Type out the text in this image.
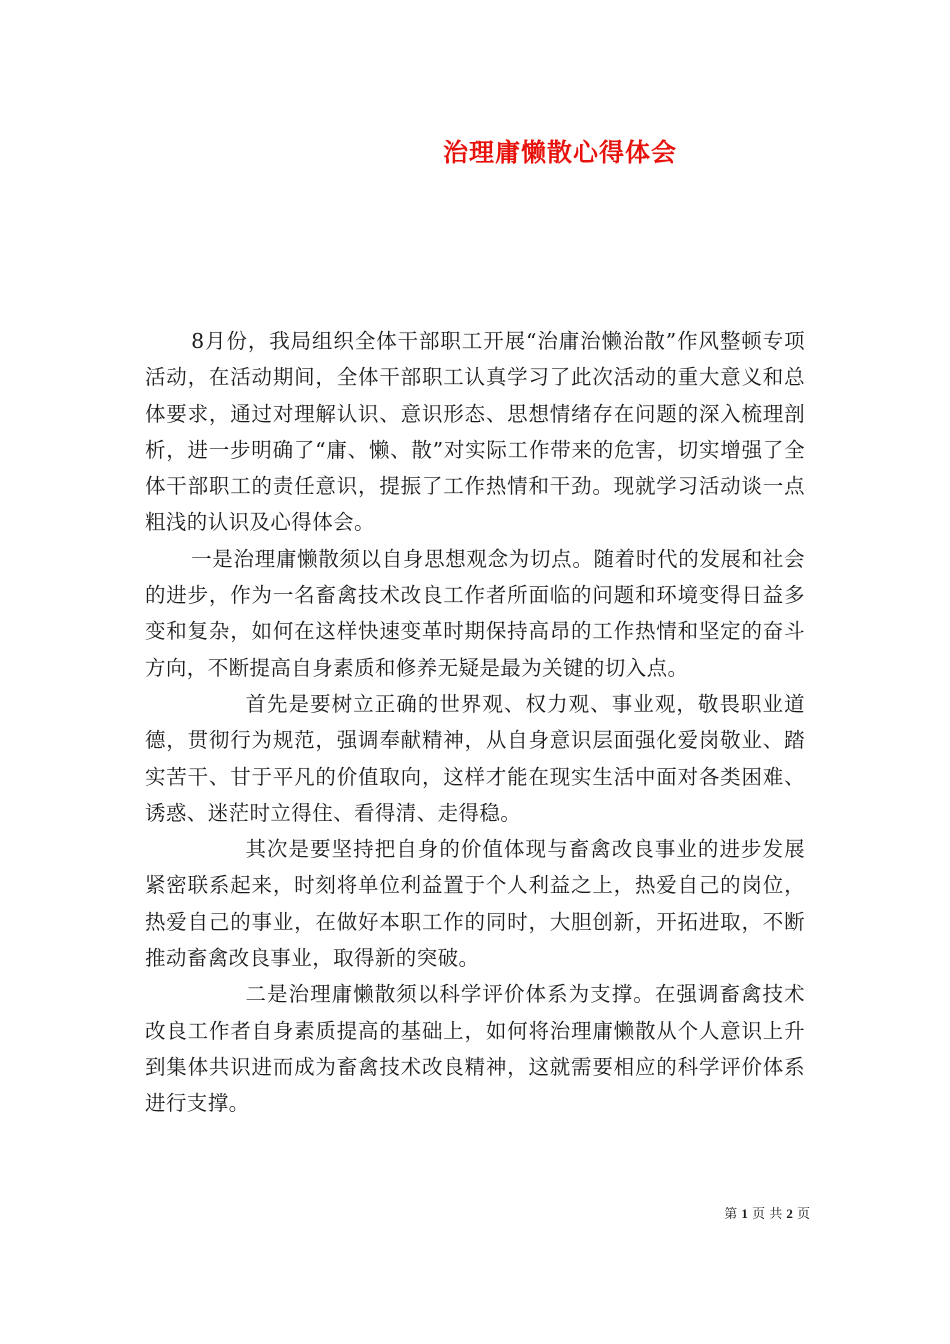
治理庸懒散心得体会

8月份，我局组织全体干部职工开展“治庸治懒治散”作风整顿专项活动，在活动期间，全体干部职工认真学习了此次活动的重大意义和总体要求，通过对理解认识、意识形态、思想情绪存在问题的深入梳理剖析，进一步明确了“庸、懒、散”对实际工作带来的危害，切实增强了全体干部职工的责任意识，提振了工作热情和干劲。现就学习活动谈一点粗浅的认识及心得体会。

一是治理庸懒散须以自身思想观念为切点。随着时代的发展和社会的进步，作为一名畜禽技术改良工作者所面临的问题和环境变得日益多变和复杂，如何在这样快速变革时期保持高昂的工作热情和坚定的奋斗方向，不断提高自身素质和修养无疑是最为关键的切入点。

首先是要树立正确的世界观、权力观、事业观，敬畏职业道德，贯彻行为规范，强调奉献精神，从自身意识层面强化爱岗敬业、踏实苦干、甘于平凡的价值取向，这样才能在现实生活中面对各类困难、诱惑、迷茫时立得住、看得清、走得稳。

其次是要坚持把自身的价值体现与畜禽改良事业的进步发展紧密联系起来，时刻将单位利益置于个人利益之上，热爱自己的岗位，热爱自己的事业，在做好本职工作的同时，大胆创新，开拓进取，不断推动畜禽改良事业，取得新的突破。

二是治理庸懒散须以科学评价体系为支撑。在强调畜禽技术改良工作者自身素质提高的基础上，如何将治理庸懒散从个人意识上升到集体共识进而成为畜禽技术改良精神，这就需要相应的科学评价体系进行支撑。

第 1 页 共 2 页
